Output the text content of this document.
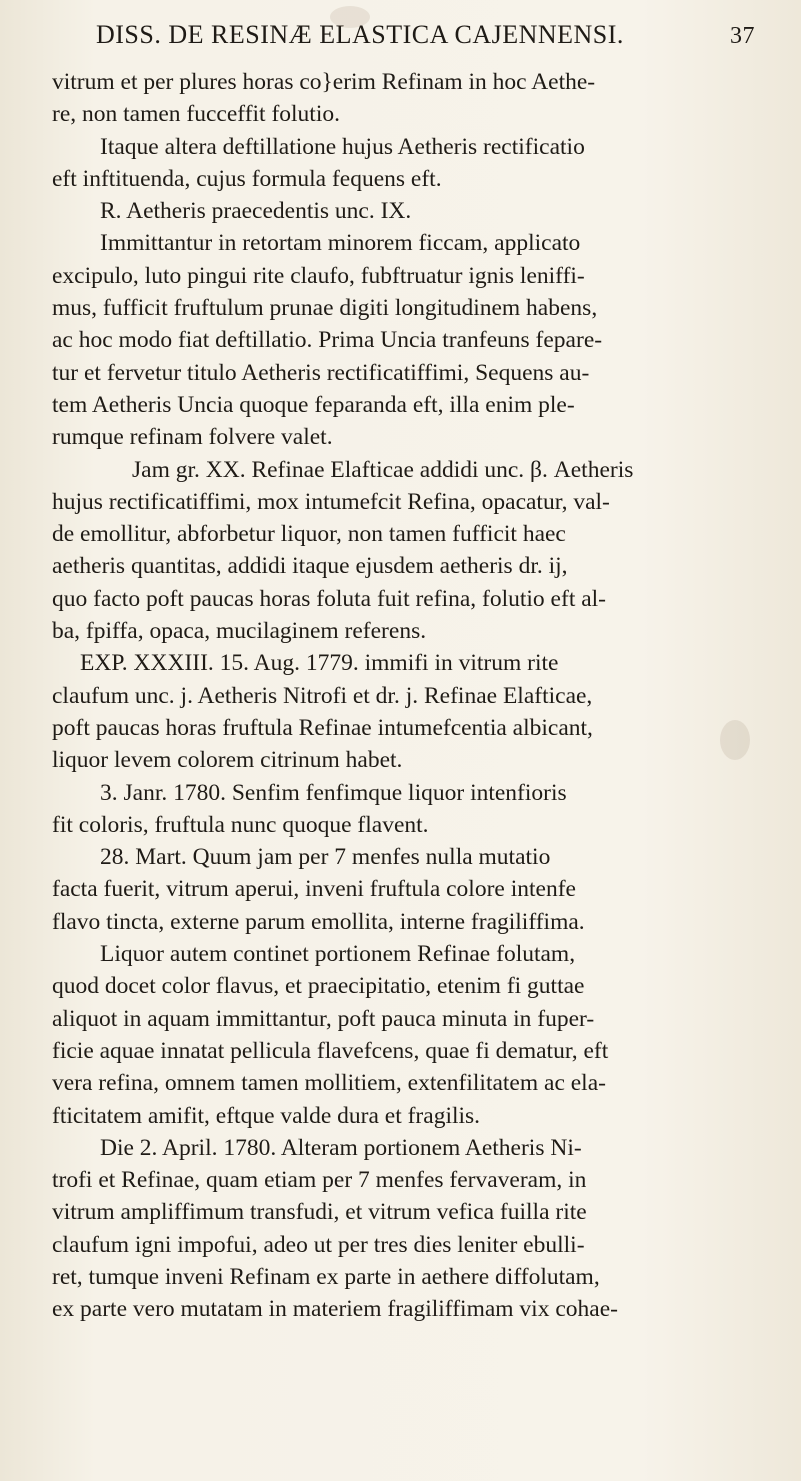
DISS. DE RESINÆ ELASTICA CAJENNENSI.	37
vitrum et per plures horas co}erim Refinam in hoc Aethe-
re, non tamen fucceffit folutio.
Itaque altera deftillatione hujus Aetheris rectificatio
eft inftituenda, cujus formula fequens eft.
R. Aetheris praecedentis unc. IX.
Immittantur in retortam minorem ficcam, applicato
excipulo, luto pingui rite claufo, fubftruatur ignis leniffi-
mus, fufficit fruftulum prunae digiti longitudinem habens,
ac hoc modo fiat deftillatio. Prima Uncia tranfeuns fepare-
tur et fervetur titulo Aetheris rectificatiffimi, Sequens au-
tem Aetheris Uncia quoque feparanda eft, illa enim ple-
rumque refinam folvere valet.
Jam gr. XX. Refinae Elafticae addidi unc. β. Aetheris
hujus rectificatiffimi, mox intumefcit Refina, opacatur, val-
de emollitur, abforbetur liquor, non tamen fufficit haec
aetheris quantitas, addidi itaque ejusdem aetheris dr. ij,
quo facto poft paucas horas foluta fuit refina, folutio eft al-
ba, fpiffa, opaca, mucilaginem referens.
EXP. XXXIII. 15. Aug. 1779. immifi in vitrum rite
claufum unc. j. Aetheris Nitrofi et dr. j. Refinae Elafticae,
poft paucas horas fruftula Refinae intumefcentia albicant,
liquor levem colorem citrinum habet.
3. Janr. 1780. Senfim fenfimque liquor intenfioris
fit coloris, fruftula nunc quoque flavent.
28. Mart. Quum jam per 7 menfes nulla mutatio
facta fuerit, vitrum aperui, inveni fruftula colore intenfe
flavo tincta, externe parum emollita, interne fragiliffima.
Liquor autem continet portionem Refinae folutam,
quod docet color flavus, et praecipitatio, etenim fi guttae
aliquot in aquam immittantur, poft pauca minuta in fuper-
ficie aquae innatat pellicula flavefcens, quae fi dematur, eft
vera refina, omnem tamen mollitiem, extenfilitatem ac ela-
fticitatem amifit, eftque valde dura et fragilis.
Die 2. April. 1780. Alteram portionem Aetheris Ni-
trofi et Refinae, quam etiam per 7 menfes fervaveram, in
vitrum ampliffimum transfudi, et vitrum vefica fuilla rite
claufum igni impofui, adeo ut per tres dies leniter ebulli-
ret, tumque inveni Refinam ex parte in aethere diffolutam,
ex parte vero mutatam in materiem fragiliffimam vix cohae-
